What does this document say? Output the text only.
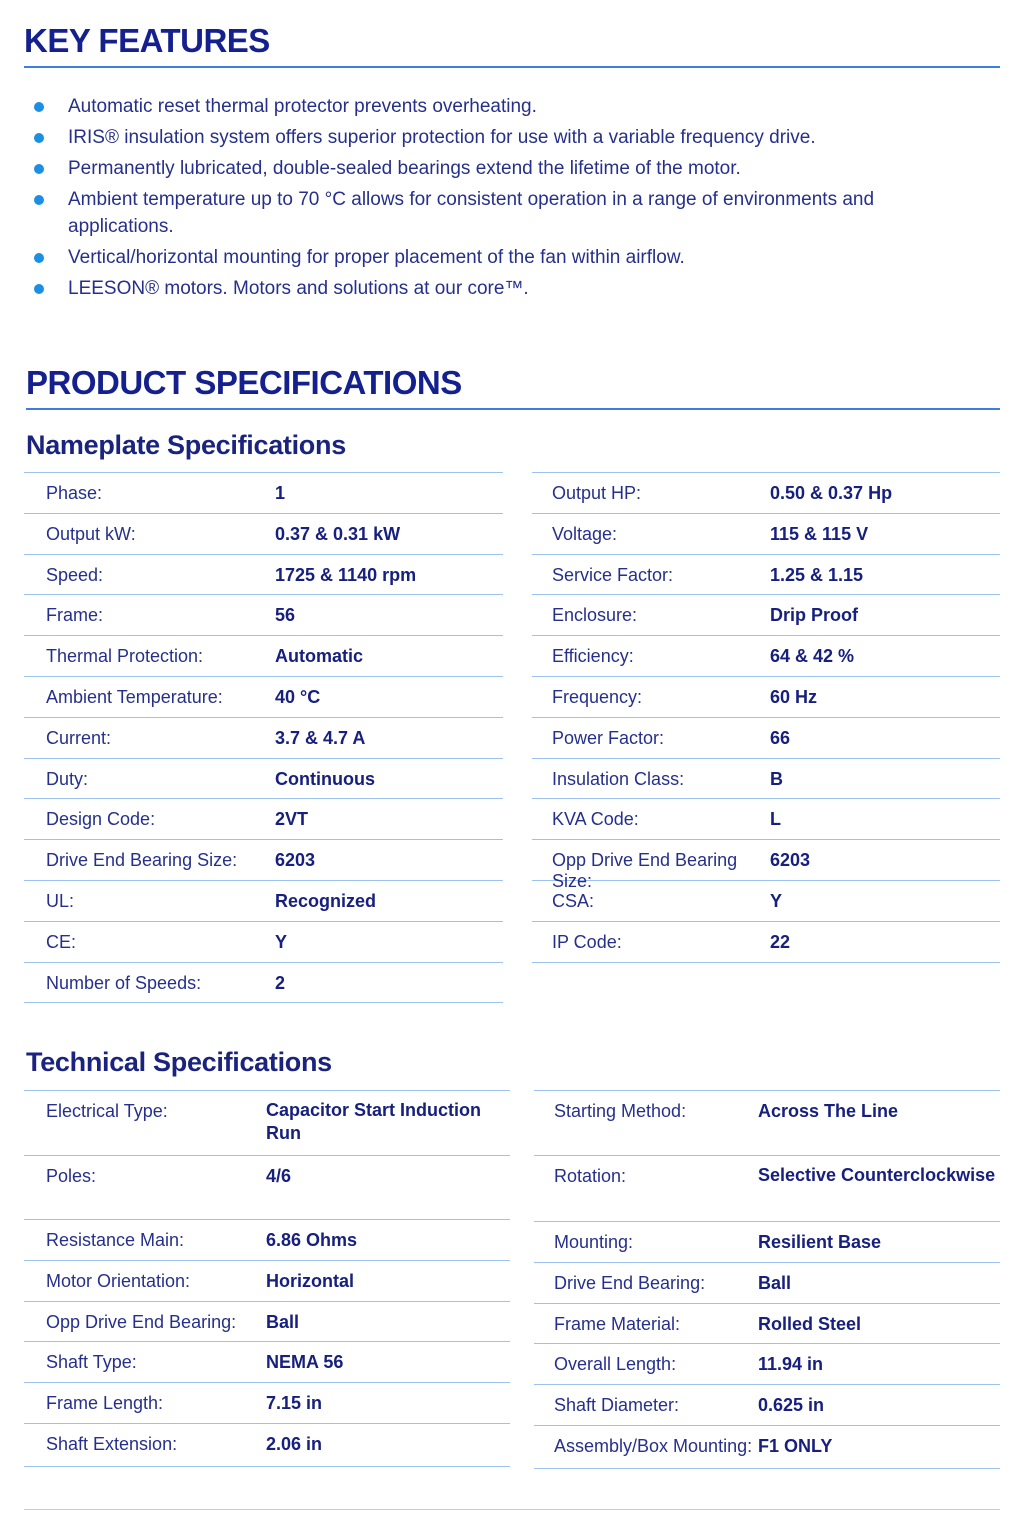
KEY FEATURES
Automatic reset thermal protector prevents overheating.
IRIS® insulation system offers superior protection for use with a variable frequency drive.
Permanently lubricated, double-sealed bearings extend the lifetime of the motor.
Ambient temperature up to 70 °C allows for consistent operation in a range of environments and applications.
Vertical/horizontal mounting for proper placement of the fan within airflow.
LEESON® motors. Motors and solutions at our core™.
PRODUCT SPECIFICATIONS
Nameplate Specifications
Phase:	1
Output kW:	0.37 & 0.31 kW
Speed:	1725 & 1140 rpm
Frame:	56
Thermal Protection:	Automatic
Ambient Temperature:	40 °C
Current:	3.7 & 4.7 A
Duty:	Continuous
Design Code:	2VT
Drive End Bearing Size:	6203
UL:	Recognized
CE:	Y
Number of Speeds:	2
Output HP:	0.50 & 0.37 Hp
Voltage:	115 & 115 V
Service Factor:	1.25 & 1.15
Enclosure:	Drip Proof
Efficiency:	64 & 42 %
Frequency:	60 Hz
Power Factor:	66
Insulation Class:	B
KVA Code:	L
Opp Drive End Bearing Size:
6203
CSA:	Y
IP Code:	22
Technical Specifications
Electrical Type:	Capacitor Start Induction Run
Poles:	4/6
Resistance Main:	6.86 Ohms
Motor Orientation:	Horizontal
Opp Drive End Bearing:	Ball
Shaft Type:	NEMA 56
Frame Length:	7.15 in
Shaft Extension:	2.06 in
Starting Method:	Across The Line
Rotation:	Selective Counterclockwise
Mounting:	Resilient Base
Drive End Bearing:	Ball
Frame Material:	Rolled Steel
Overall Length:	11.94 in
Shaft Diameter:	0.625 in
Assembly/Box Mounting: F1 ONLY
